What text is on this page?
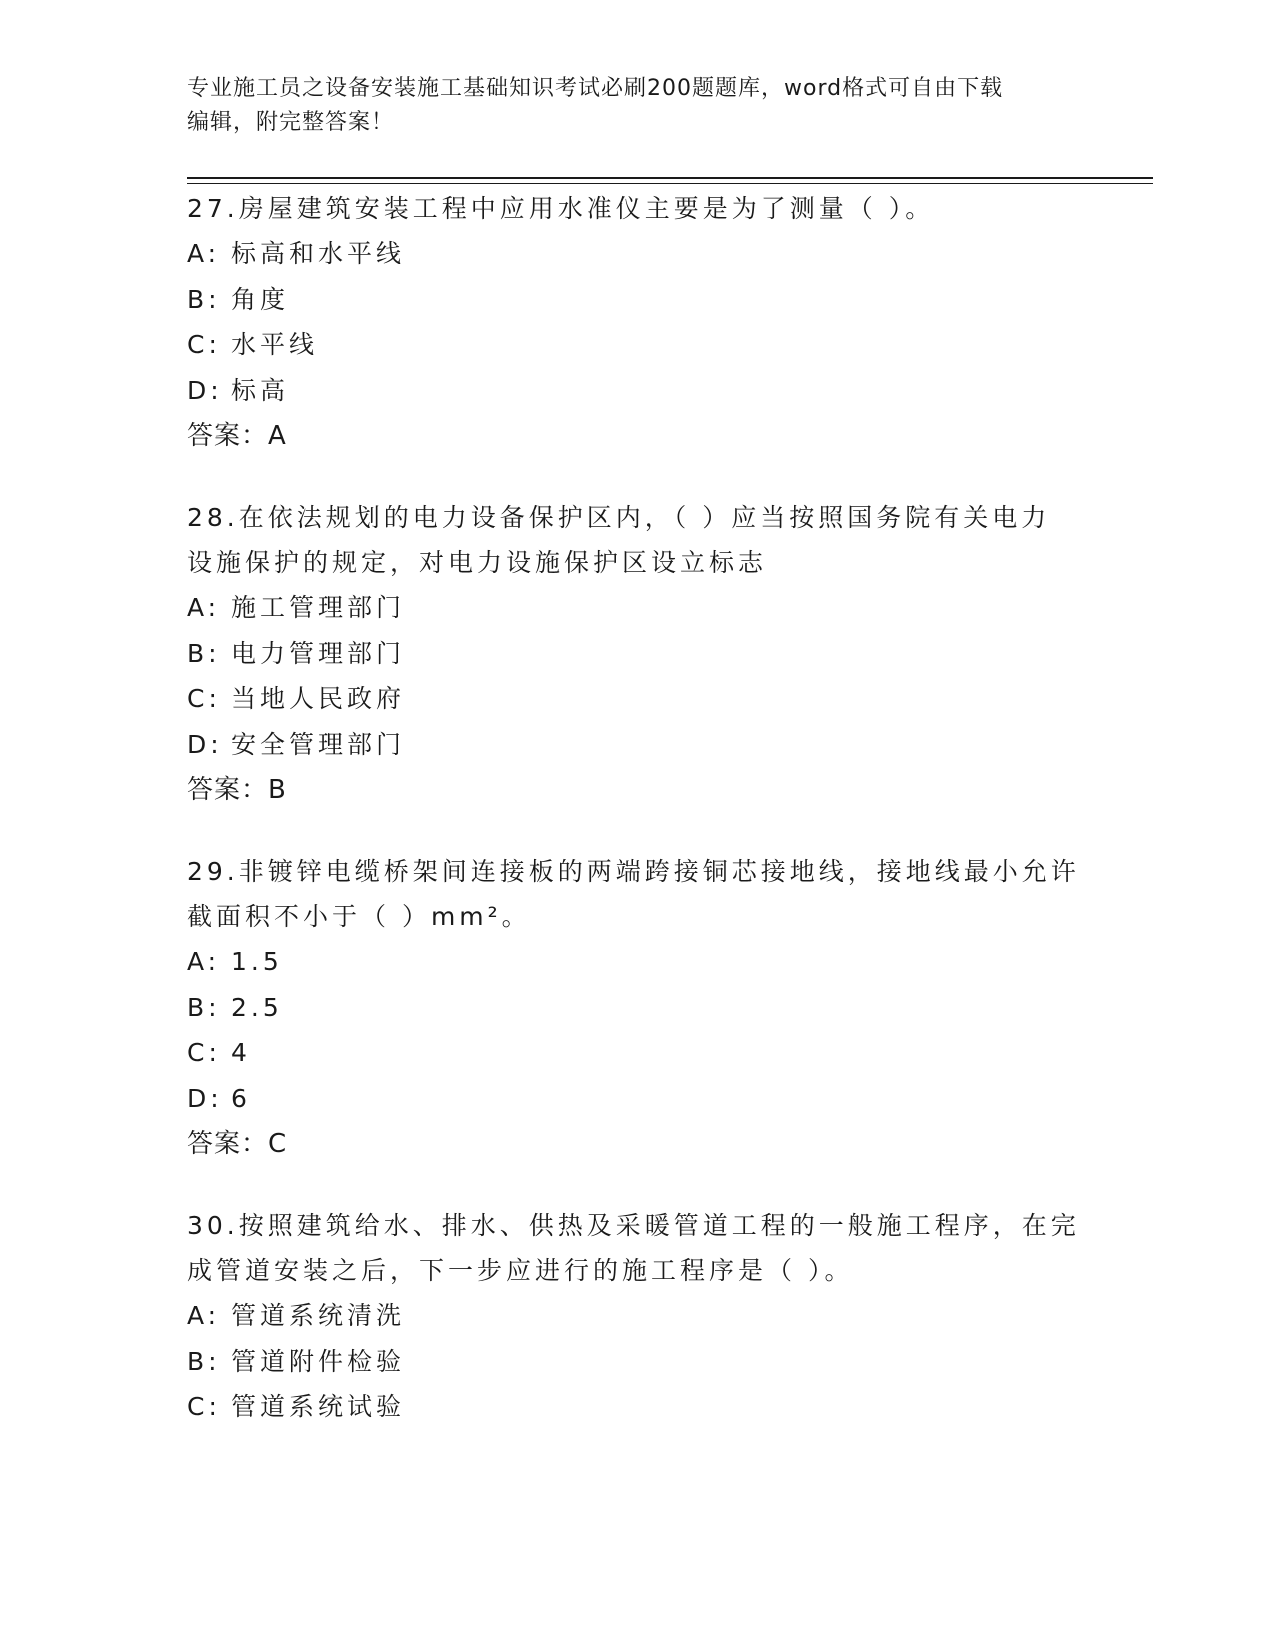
专业施工员之设备安装施工基础知识考试必刷200题题库，word格式可自由下载
编辑，附完整答案！

27.房屋建筑安装工程中应用水准仪主要是为了测量（ ）。

A: 标高和水平线

B: 角度

C: 水平线

D: 标高

答案：A

28.在依法规划的电力设备保护区内，（ ）应当按照国务院有关电力

设施保护的规定，对电力设施保护区设立标志

A: 施工管理部门

B: 电力管理部门

C: 当地人民政府

D: 安全管理部门

答案：B

29.非镀锌电缆桥架间连接板的两端跨接铜芯接地线，接地线最小允许

截面积不小于（ ）mm²。

A: 1.5

B: 2.5

C: 4

D: 6

答案：C

30.按照建筑给水、排水、供热及采暖管道工程的一般施工程序，在完

成管道安装之后，下一步应进行的施工程序是（ ）。

A: 管道系统清洗

B: 管道附件检验

C: 管道系统试验
